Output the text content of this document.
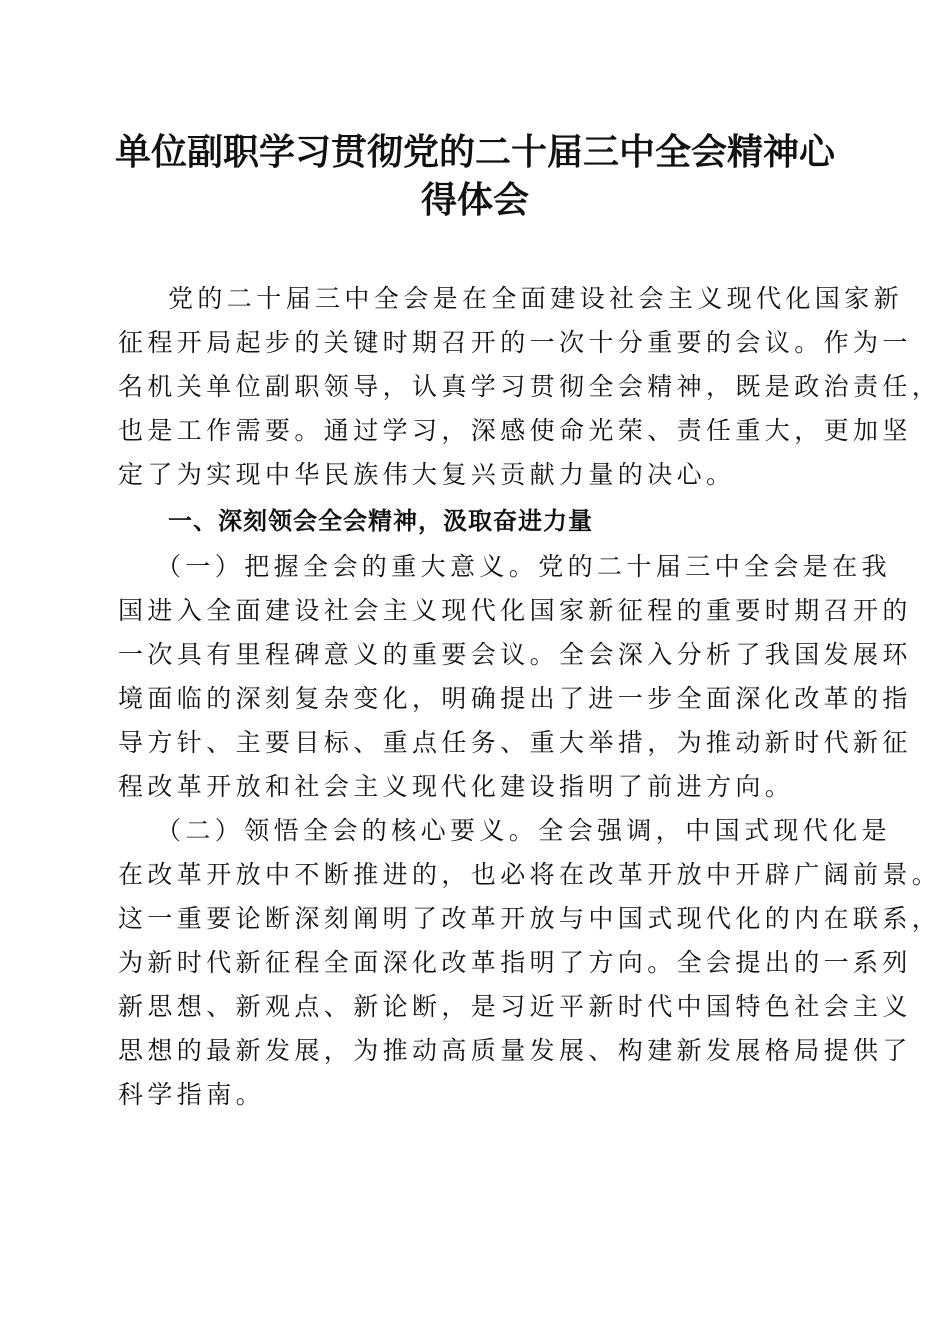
单位副职学习贯彻党的二十届三中全会精神心
得体会
党的二十届三中全会是在全面建设社会主义现代化国家新
征程开局起步的关键时期召开的一次十分重要的会议。作为一
名机关单位副职领导，认真学习贯彻全会精神，既是政治责任，
也是工作需要。通过学习，深感使命光荣、责任重大，更加坚
定了为实现中华民族伟大复兴贡献力量的决心。
一、深刻领会全会精神，汲取奋进力量
（一）把握全会的重大意义。党的二十届三中全会是在我
国进入全面建设社会主义现代化国家新征程的重要时期召开的
一次具有里程碑意义的重要会议。全会深入分析了我国发展环
境面临的深刻复杂变化，明确提出了进一步全面深化改革的指
导方针、主要目标、重点任务、重大举措，为推动新时代新征
程改革开放和社会主义现代化建设指明了前进方向。
（二）领悟全会的核心要义。全会强调，中国式现代化是
在改革开放中不断推进的，也必将在改革开放中开辟广阔前景。
这一重要论断深刻阐明了改革开放与中国式现代化的内在联系，
为新时代新征程全面深化改革指明了方向。全会提出的一系列
新思想、新观点、新论断，是习近平新时代中国特色社会主义
思想的最新发展，为推动高质量发展、构建新发展格局提供了
科学指南。
